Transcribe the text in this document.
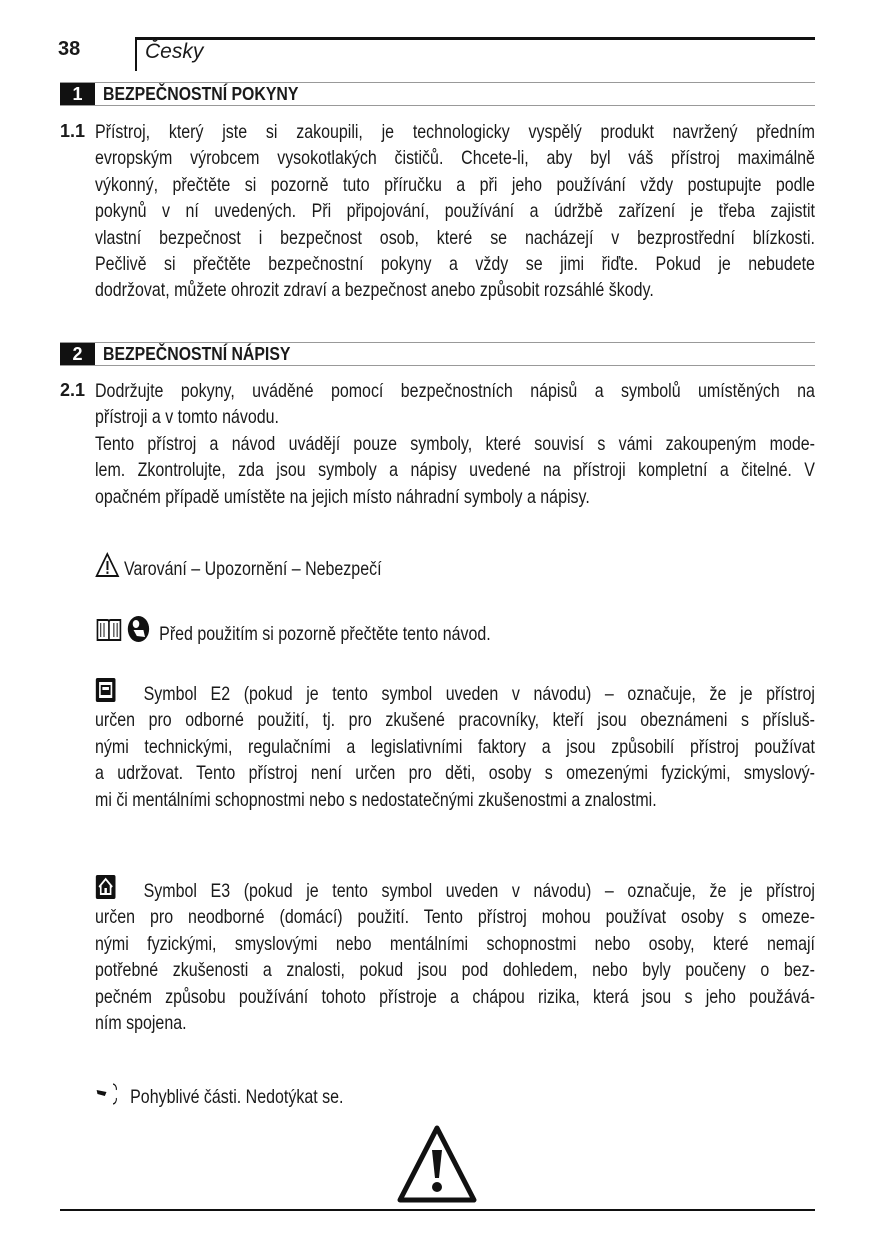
38	Česky
1	BEZPEČNOSTNÍ POKYNY
1.1 Přístroj, který jste si zakoupili, je technologicky vyspělý produkt navržený předním
evropským výrobcem vysokotlakých čističů. Chcete-li, aby byl váš přístroj maximálně
výkonný, přečtěte si pozorně tuto příručku a při jeho používání vždy postupujte podle
pokynů v ní uvedených. Při připojování, používání a údržbě zařízení je třeba zajistit
vlastní bezpečnost i bezpečnost osob, které se nacházejí v bezprostřední blízkosti.
Pečlivě si přečtěte bezpečnostní pokyny a vždy se jimi řiďte. Pokud je nebudete
dodržovat, můžete ohrozit zdraví a bezpečnost anebo způsobit rozsáhlé škody.
2	BEZPEČNOSTNÍ NÁPISY
2.1 Dodržujte pokyny, uváděné pomocí bezpečnostních nápisů a symbolů umístěných na
přístroji a v tomto návodu.
Tento přístroj a návod uvádějí pouze symboly, které souvisí s vámi zakoupeným mode-
lem. Zkontrolujte, zda jsou symboly a nápisy uvedené na přístroji kompletní a čitelné. V
opačném případě umístěte na jejich místo náhradní symboly a nápisy.
Varování – Upozornění – Nebezpečí
Před použitím si pozorně přečtěte tento návod.
Symbol E2 (pokud je tento symbol uveden v návodu) – označuje, že je přístroj
určen pro odborné použití, tj. pro zkušené pracovníky, kteří jsou obeznámeni s přísluš-
nými technickými, regulačními a legislativními faktory a jsou způsobilí přístroj používat
a udržovat. Tento přístroj není určen pro děti, osoby s omezenými fyzickými, smyslový-
mi či mentálními schopnostmi nebo s nedostatečnými zkušenostmi a znalostmi.
Symbol E3 (pokud je tento symbol uveden v návodu) – označuje, že je přístroj
určen pro neodborné (domácí) použití. Tento přístroj mohou používat osoby s omeze-
nými fyzickými, smyslovými nebo mentálními schopnostmi nebo osoby, které nemají
potřebné zkušenosti a znalosti, pokud jsou pod dohledem, nebo byly poučeny o bez-
pečném způsobu používání tohoto přístroje a chápou rizika, která jsou s jeho použává-
ním spojena.
Pohyblivé části. Nedotýkat se.
